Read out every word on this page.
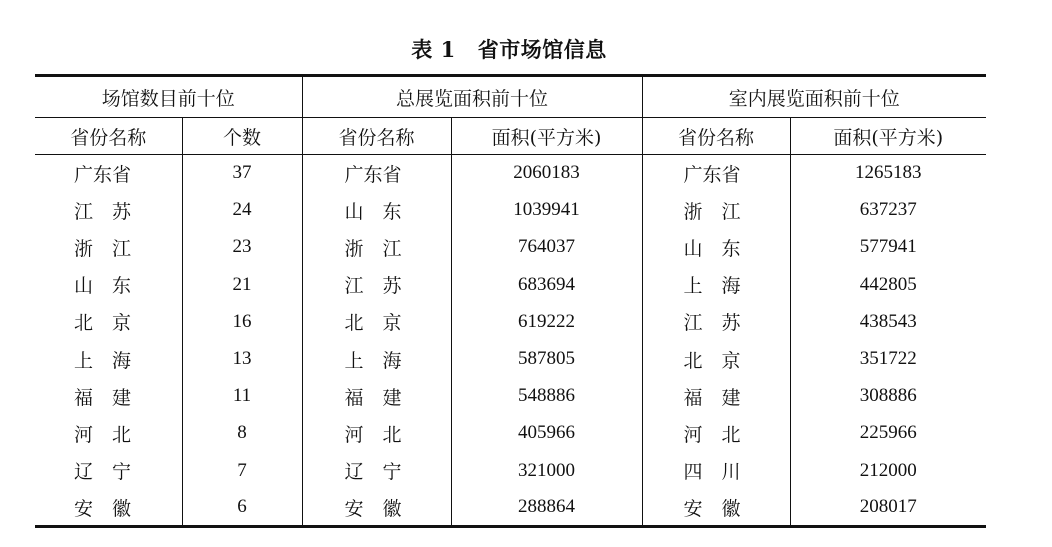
表 1 省市场馆信息
场馆数目前十位		总展览面积前十位		室内展览面积前十位	
省份名称	个数	省份名称	面积(平方米)	省份名称	面积(平方米)
广东省	37	广东省	2060183	广东省	1265183
江　苏	24	山　东	1039941	浙　江	637237
浙　江	23	浙　江	764037	山　东	577941
山　东	21	江　苏	683694	上　海	442805
北　京	16	北　京	619222	江　苏	438543
上　海	13	上　海	587805	北　京	351722
福　建	11	福　建	548886	福　建	308886
河　北	8	河　北	405966	河　北	225966
辽　宁	7	辽　宁	321000	四　川	212000
安　徽	6	安　徽	288864	安　徽	208017
